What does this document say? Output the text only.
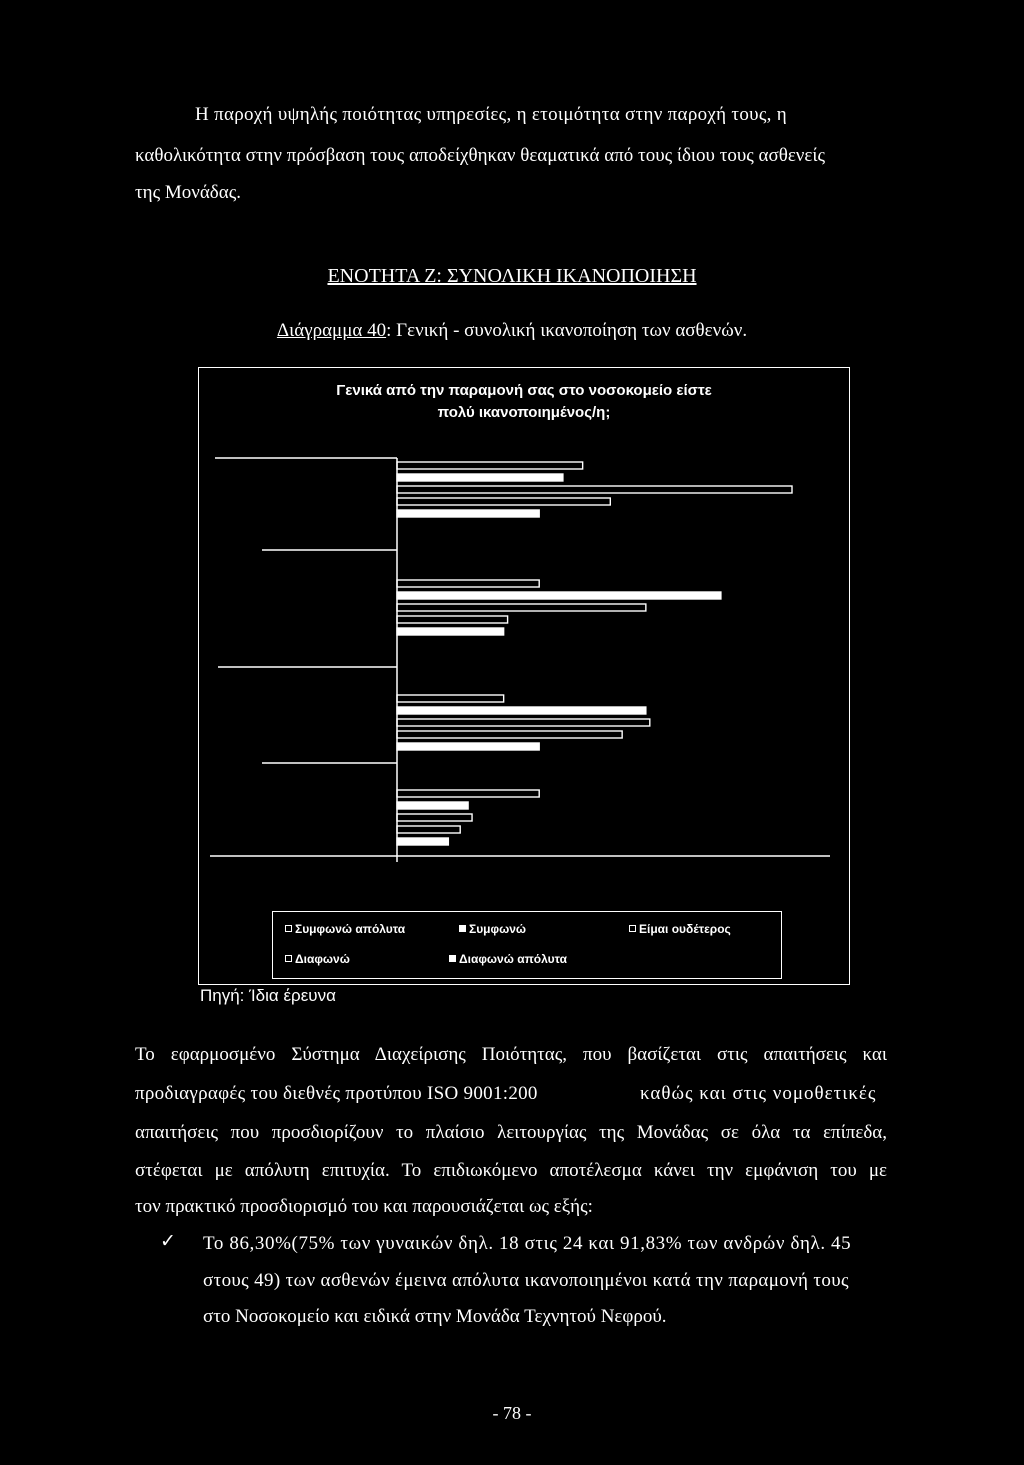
Η παροχή υψηλής ποιότητας υπηρεσίες, η ετοιμότητα στην παροχή τους, η
καθολικότητα στην πρόσβαση τους αποδείχθηκαν θεαματικά από τους ίδιου τους ασθενείς
της Μονάδας.
ΕΝΟΤΗΤΑ Ζ: ΣΥΝΟΛΙΚΗ ΙΚΑΝΟΠΟΙΗΣΗ
Διάγραμμα 40: Γενική - συνολική ικανοποίηση των ασθενών.
Γενικά από την παραμονή σας στο νοσοκομείο είστε
πολύ ικανοποιημένος/η;
Συμφωνώ απόλυτα	Συμφωνώ	Είμαι ουδέτερος
Διαφωνώ	Διαφωνώ απόλυτα
Πηγή: Ίδια έρευνα
Το εφαρμοσμένο Σύστημα Διαχείρισης Ποιότητας, που βασίζεται στις απαιτήσεις και
προδιαγραφές του διεθνές προτύπου ISO 9001:200	καθώς και στις νομοθετικές
απαιτήσεις που προσδιορίζουν το πλαίσιο λειτουργίας της Μονάδας σε όλα τα επίπεδα,
στέφεται με απόλυτη επιτυχία. Το επιδιωκόμενο αποτέλεσμα κάνει την εμφάνιση του με
τον πρακτικό προσδιορισμό του και παρουσιάζεται ως εξής:
✓ Το 86,30%(75% των γυναικών δηλ. 18 στις 24 και 91,83% των ανδρών δηλ. 45
στους 49) των ασθενών έμεινα απόλυτα ικανοποιημένοι κατά την παραμονή τους
στο Νοσοκομείο και ειδικά στην Μονάδα Τεχνητού Νεφρού.
- 78 -
